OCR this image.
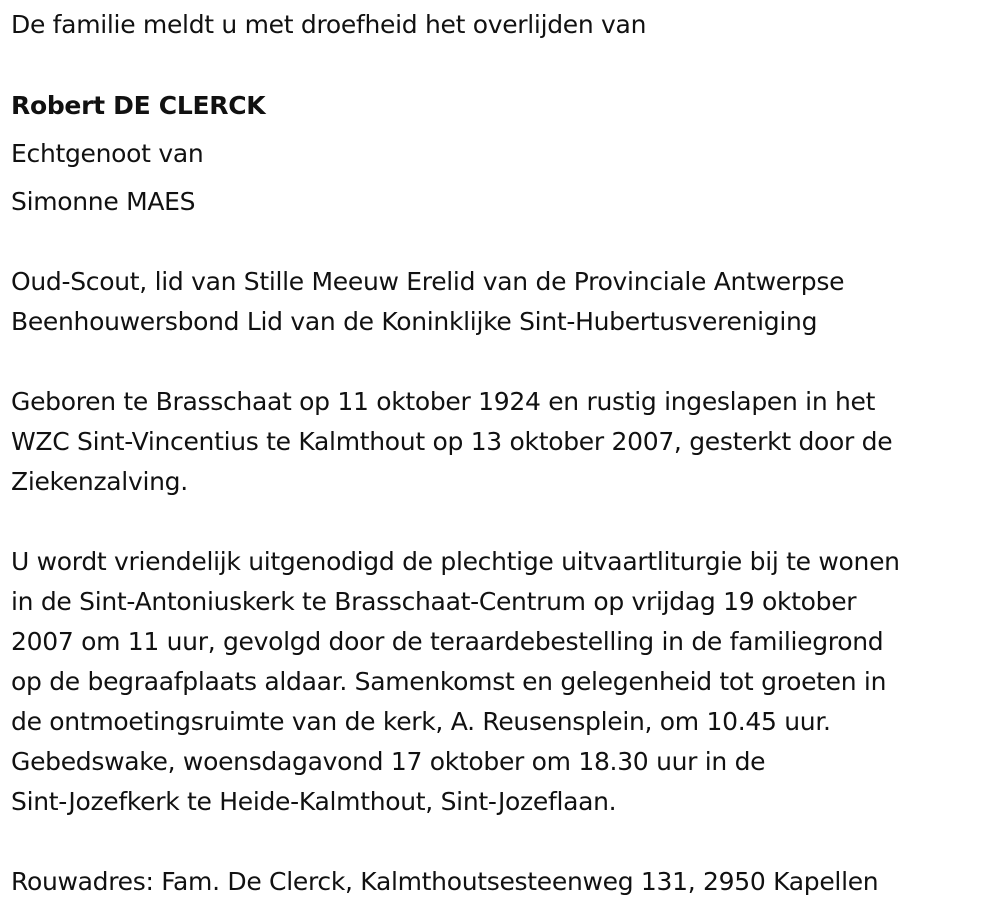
De familie meldt u met droefheid het overlijden van
Robert DE CLERCK
Echtgenoot van
Simonne MAES
Oud-Scout, lid van Stille Meeuw Erelid van de Provinciale Antwerpse
Beenhouwersbond Lid van de Koninklijke Sint-Hubertusvereniging
Geboren te Brasschaat op 11 oktober 1924 en rustig ingeslapen in het
WZC Sint-Vincentius te Kalmthout op 13 oktober 2007, gesterkt door de
Ziekenzalving.
U wordt vriendelijk uitgenodigd de plechtige uitvaartliturgie bij te wonen
in de Sint-Antoniuskerk te Brasschaat-Centrum op vrijdag 19 oktober
2007 om 11 uur, gevolgd door de teraardebestelling in de familiegrond
op de begraafplaats aldaar. Samenkomst en gelegenheid tot groeten in
de ontmoetingsruimte van de kerk, A. Reusensplein, om 10.45 uur.
Gebedswake, woensdagavond 17 oktober om 18.30 uur in de
Sint-Jozefkerk te Heide-Kalmthout, Sint-Jozeflaan.
Rouwadres: Fam. De Clerck, Kalmthoutsesteenweg 131, 2950 Kapellen
